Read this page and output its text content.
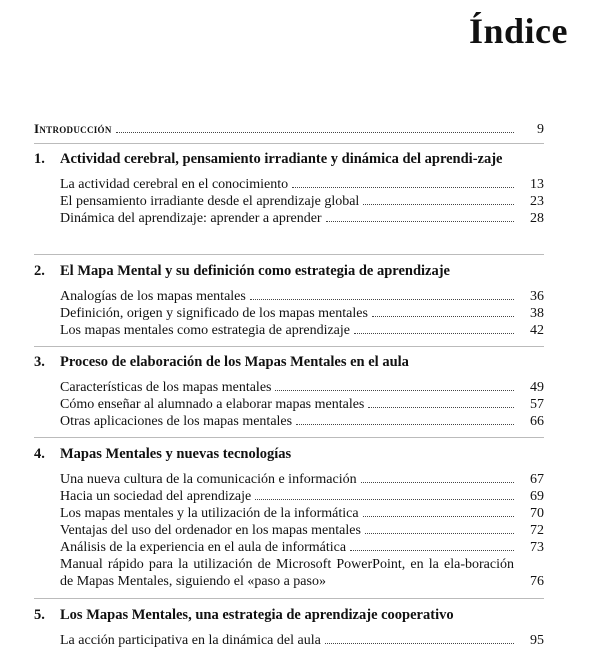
Índice
Introducción	9
1.	Actividad cerebral, pensamiento irradiante y dinámica del aprendi-zaje
La actividad cerebral en el conocimiento	13
El pensamiento irradiante desde el aprendizaje global	23
Dinámica del aprendizaje: aprender a aprender	28
2.	El Mapa Mental y su definición como estrategia de aprendizaje
Analogías de los mapas mentales	36
Definición, origen y significado de los mapas mentales	38
Los mapas mentales como estrategia de aprendizaje	42
3.	Proceso de elaboración de los Mapas Mentales en el aula
Características de los mapas mentales	49
Cómo enseñar al alumnado a elaborar mapas mentales	57
Otras aplicaciones de los mapas mentales	66
4.	Mapas Mentales y nuevas tecnologías
Una nueva cultura de la comunicación e información	67
Hacia un sociedad del aprendizaje	69
Los mapas mentales y la utilización de la informática	70
Ventajas del uso del ordenador en los mapas mentales	72
Análisis de la experiencia en el aula de informática	73
Manual rápido para la utilización de Microsoft PowerPoint, en la ela-boración de Mapas Mentales, siguiendo el «paso a paso»	76
5.	Los Mapas Mentales, una estrategia de aprendizaje cooperativo
La acción participativa en la dinámica del aula	95
